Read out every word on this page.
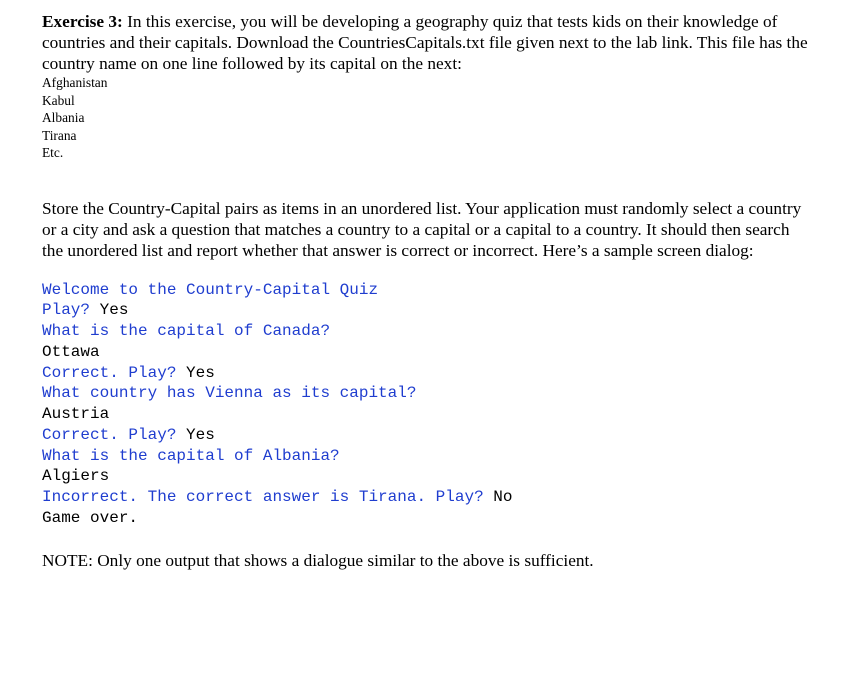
Exercise 3: In this exercise, you will be developing a geography quiz that tests kids on their knowledge of countries and their capitals. Download the CountriesCapitals.txt file given next to the lab link. This file has the country name on one line followed by its capital on the next:

Afghanistan
Kabul
Albania
Tirana
Etc.

Store the Country-Capital pairs as items in an unordered list. Your application must randomly select a country or a city and ask a question that matches a country to a capital or a capital to a country. It should then search the unordered list and report whether that answer is correct or incorrect. Here’s a sample screen dialog:

Welcome to the Country-Capital Quiz
Play? Yes
What is the capital of Canada?
Ottawa
Correct. Play? Yes
What country has Vienna as its capital?
Austria
Correct. Play? Yes
What is the capital of Albania?
Algiers
Incorrect. The correct answer is Tirana. Play? No
Game over.

NOTE: Only one output that shows a dialogue similar to the above is sufficient.
